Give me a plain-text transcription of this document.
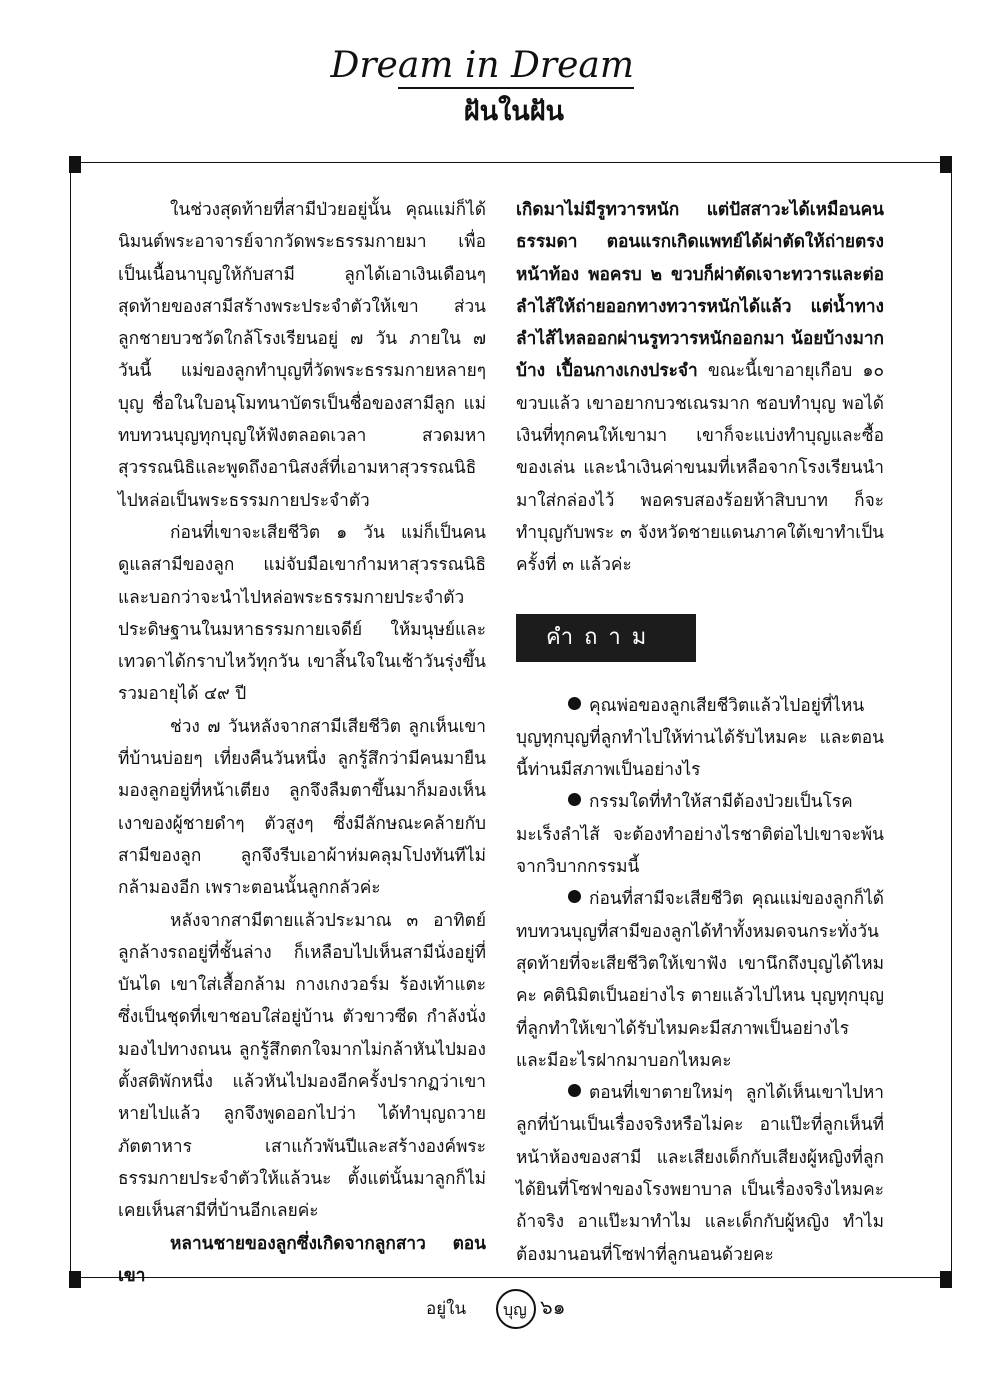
Dream in Dream
ฝันในฝัน

ในช่วงสุดท้ายที่สามีป่วยอยู่นั้น คุณแม่ก็ได้นิมนต์พระอาจารย์จากวัดพระธรรมกายมา เพื่อเป็นเนื้อนาบุญให้กับสามี ลูกได้เอาเงินเดือนๆ สุดท้ายของสามีสร้างพระประจำตัวให้เขา ส่วนลูกชายบวชวัดใกล้โรงเรียนอยู่ ๗ วัน ภายใน ๗ วันนี้ แม่ของลูกทำบุญที่วัดพระธรรมกายหลายๆ บุญ ชื่อในใบอนุโมทนาบัตรเป็นชื่อของสามีลูก แม่ทบทวนบุญทุกบุญให้ฟังตลอดเวลา สวดมหาสุวรรณนิธิและพูดถึงอานิสงส์ที่เอามหาสุวรรณนิธิไปหล่อเป็นพระธรรมกายประจำตัว

ก่อนที่เขาจะเสียชีวิต ๑ วัน แม่ก็เป็นคนดูแลสามีของลูก แม่จับมือเขากำมหาสุวรรณนิธิ และบอกว่าจะนำไปหล่อพระธรรมกายประจำตัว ประดิษฐานในมหาธรรมกายเจดีย์ ให้มนุษย์และเทวดาได้กราบไหว้ทุกวัน เขาสิ้นใจในเช้าวันรุ่งขึ้น รวมอายุได้ ๔๙ ปี

ช่วง ๗ วันหลังจากสามีเสียชีวิต ลูกเห็นเขาที่บ้านบ่อยๆ เที่ยงคืนวันหนึ่ง ลูกรู้สึกว่ามีคนมายืนมองลูกอยู่ที่หน้าเตียง ลูกจึงลืมตาขึ้นมาก็มองเห็นเงาของผู้ชายดำๆ ตัวสูงๆ ซึ่งมีลักษณะคล้ายกับสามีของลูก ลูกจึงรีบเอาผ้าห่มคลุมโปงทันทีไม่กล้ามองอีก เพราะตอนนั้นลูกกลัวค่ะ

หลังจากสามีตายแล้วประมาณ ๓ อาทิตย์ ลูกล้างรถอยู่ที่ชั้นล่าง ก็เหลือบไปเห็นสามีนั่งอยู่ที่บันได เขาใส่เสื้อกล้าม กางเกงวอร์ม ร้องเท้าแตะ ซึ่งเป็นชุดที่เขาชอบใส่อยู่บ้าน ตัวขาวซีด กำลังนั่งมองไปทางถนน ลูกรู้สึกตกใจมากไม่กล้าหันไปมองตั้งสติพักหนึ่ง แล้วหันไปมองอีกครั้งปรากฏว่าเขาหายไปแล้ว ลูกจึงพูดออกไปว่า ได้ทำบุญถวายภัตตาหาร เสาแก้วพันปีและสร้างองค์พระธรรมกายประจำตัวให้แล้วนะ ตั้งแต่นั้นมาลูกก็ไม่เคยเห็นสามีที่บ้านอีกเลยค่ะ

หลานชายของลูกซึ่งเกิดจากลูกสาว ตอนเขา

เกิดมาไม่มีรูทวารหนัก แต่ปัสสาวะได้เหมือนคนธรรมดา ตอนแรกเกิดแพทย์ได้ผ่าตัดให้ถ่ายตรงหน้าท้อง พอครบ ๒ ขวบก็ผ่าตัดเจาะทวารและต่อลำไส้ให้ถ่ายออกทางทวารหนักได้แล้ว แต่น้ำทางลำไส้ไหลออกผ่านรูทวารหนักออกมา น้อยบ้างมากบ้าง เปื้อนกางเกงประจำ ขณะนี้เขาอายุเกือบ ๑๐ ขวบแล้ว เขาอยากบวชเณรมาก ชอบทำบุญ พอได้เงินที่ทุกคนให้เขามา เขาก็จะแบ่งทำบุญและซื้อของเล่น และนำเงินค่าขนมที่เหลือจากโรงเรียนนำมาใส่กล่องไว้ พอครบสองร้อยห้าสิบบาท ก็จะทำบุญกับพระ ๓ จังหวัดชายแดนภาคใต้เขาทำเป็นครั้งที่ ๓ แล้วค่ะ

คำถาม

คุณพ่อของลูกเสียชีวิตแล้วไปอยู่ที่ไหน บุญทุกบุญที่ลูกทำไปให้ท่านได้รับไหมคะ และตอนนี้ท่านมีสภาพเป็นอย่างไร

กรรมใดที่ทำให้สามีต้องป่วยเป็นโรคมะเร็งลำไส้ จะต้องทำอย่างไรชาติต่อไปเขาจะพ้นจากวิบากกรรมนี้

ก่อนที่สามีจะเสียชีวิต คุณแม่ของลูกก็ได้ทบทวนบุญที่สามีของลูกได้ทำทั้งหมดจนกระทั่งวันสุดท้ายที่จะเสียชีวิตให้เขาฟัง เขานึกถึงบุญได้ไหมคะ คตินิมิตเป็นอย่างไร ตายแล้วไปไหน บุญทุกบุญที่ลูกทำให้เขาได้รับไหมคะมีสภาพเป็นอย่างไร และมีอะไรฝากมาบอกไหมคะ

ตอนที่เขาตายใหม่ๆ ลูกได้เห็นเขาไปหาลูกที่บ้านเป็นเรื่องจริงหรือไม่คะ อาแป๊ะที่ลูกเห็นที่หน้าห้องของสามี และเสียงเด็กกับเสียงผู้หญิงที่ลูกได้ยินที่โซฟาของโรงพยาบาล เป็นเรื่องจริงไหมคะ ถ้าจริง อาแป๊ะมาทำไม และเด็กกับผู้หญิง ทำไมต้องมานอนที่โซฟาที่ลูกนอนด้วยคะ

อยู่ใน บุญ ๖๑
